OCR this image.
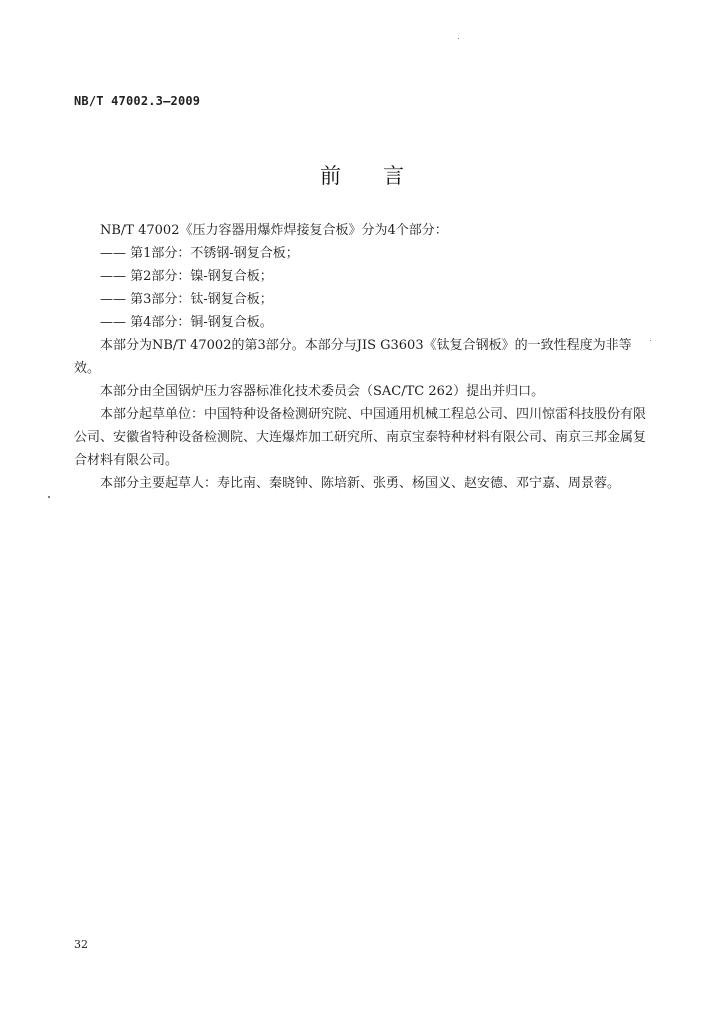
NB/T 47002.3—2009
前言

NB/T 47002《压力容器用爆炸焊接复合板》分为4个部分：

—— 第1部分：不锈钢-钢复合板；

—— 第2部分：镍-钢复合板；

—— 第3部分：钛-钢复合板；

—— 第4部分：铜-钢复合板。

本部分为NB/T 47002的第3部分。本部分与JIS G3603《钛复合钢板》的一致性程度为非等效。

本部分由全国锅炉压力容器标准化技术委员会（SAC/TC 262）提出并归口。

本部分起草单位：中国特种设备检测研究院、中国通用机械工程总公司、四川惊雷科技股份有限公司、安徽省特种设备检测院、大连爆炸加工研究所、南京宝泰特种材料有限公司、南京三邦金属复合材料有限公司。

本部分主要起草人：寿比南、秦晓钟、陈培新、张勇、杨国义、赵安德、邓宁嘉、周景蓉。

32
